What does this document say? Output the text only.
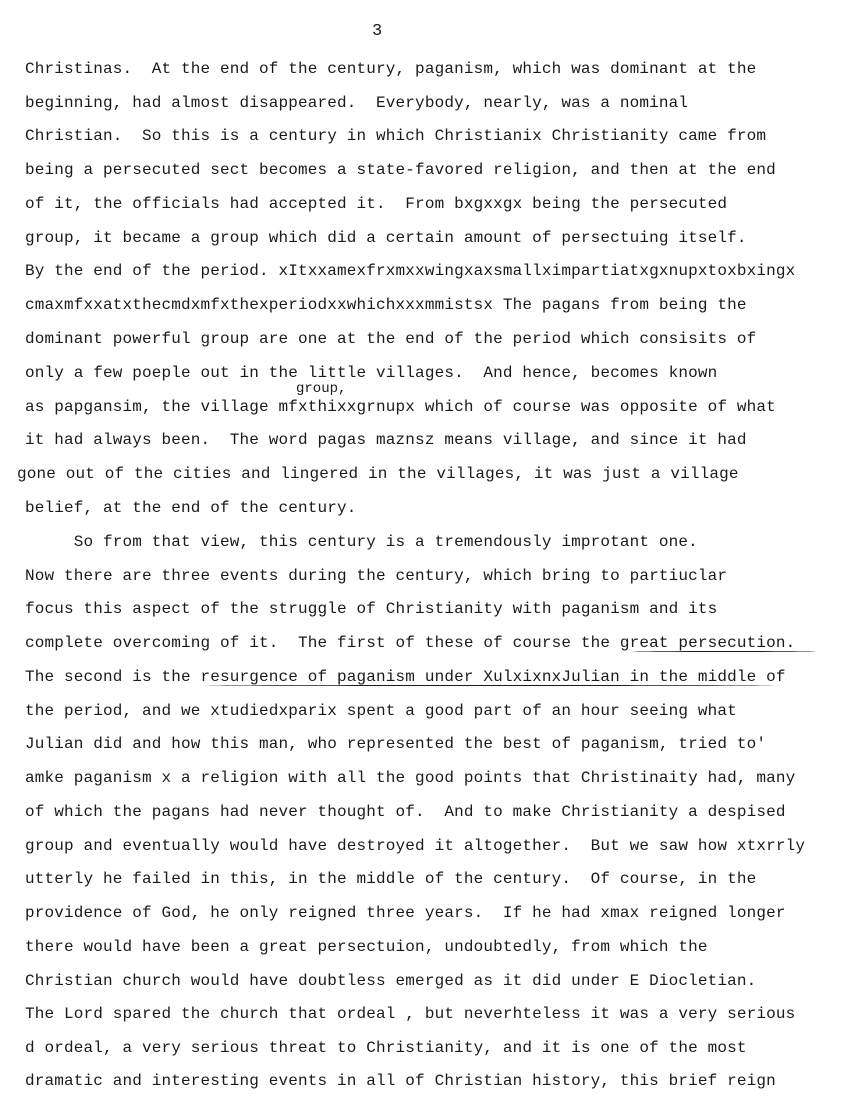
3
group,
Christinas.  At the end of the century, paganism, which was dominant at the
beginning, had almost disappeared.  Everybody, nearly, was a nominal
Christian.  So this is a century in which Christianix Christianity came from
being a persecuted sect becomes a state-favored religion, and then at the end
of it, the officials had accepted it.  From bxgxxgx being the persecuted
group, it became a group which did a certain amount of persectuing itself.
By the end of the period. xItxxamexfrxmxxwingxaxsmallximpartiatxgxnupxtoxbxingx
cmaxmfxxatxthecmdxmfxthexperiodxxwhichxxxmmistsx The pagans from being the
dominant powerful group are one at the end of the period which consisits of
only a few poeple out in the little villages.  And hence, becomes known
as papgansim, the village mfxthixxgrnupx which of course was opposite of what
it had always been.  The word pagas maznsz means village, and since it had
gone out of the cities and lingered in the villages, it was just a village
belief, at the end of the century.
So from that view, this century is a tremendously improtant one.
Now there are three events during the century, which bring to partiuclar
focus this aspect of the struggle of Christianity with paganism and its
complete overcoming of it.  The first of these of course the great persecution.
The second is the resurgence of paganism under XulxixnxJulian in the middle of
the period, and we xtudiedxparix spent a good part of an hour seeing what
Julian did and how this man, who represented the best of paganism, tried to'
amke paganism x a religion with all the good points that Christinaity had, many
of which the pagans had never thought of.  And to make Christianity a despised
group and eventually would have destroyed it altogether.  But we saw how xtxrrly
utterly he failed in this, in the middle of the century.  Of course, in the
providence of God, he only reigned three years.  If he had xmax reigned longer
there would have been a great persectuion, undoubtedly, from which the
Christian church would have doubtless emerged as it did under E Diocletian.
The Lord spared the church that ordeal , but neverhteless it was a very serious
d ordeal, a very serious threat to Christianity, and it is one of the most
dramatic and interesting events in all of Christian history, this brief reign
